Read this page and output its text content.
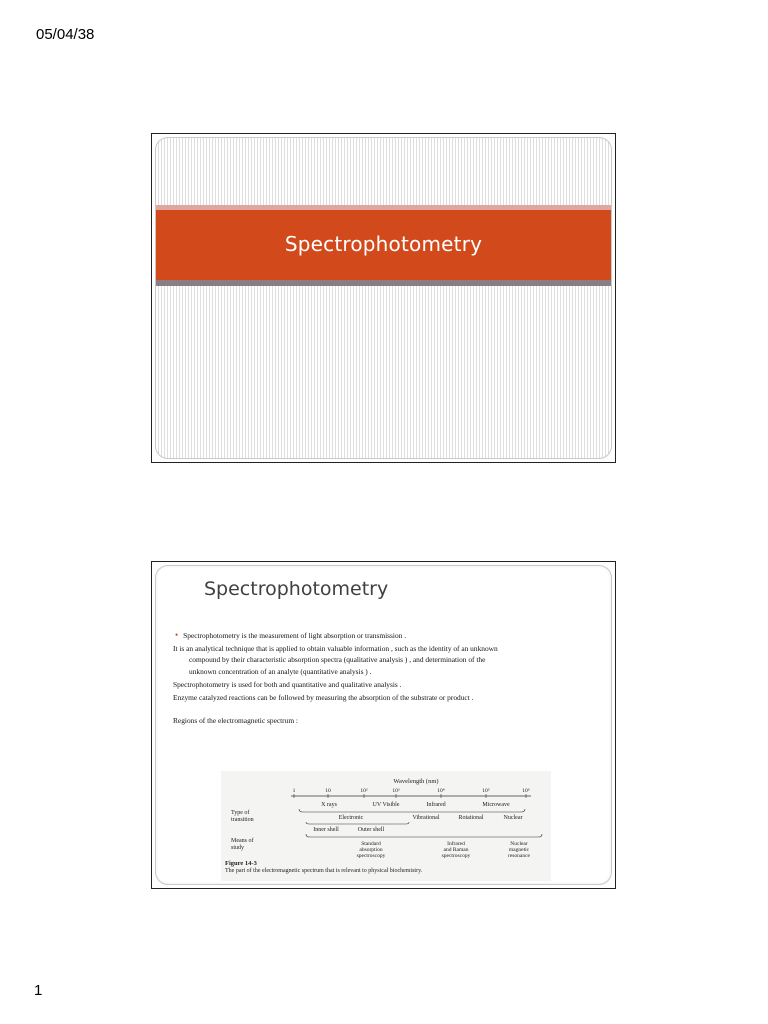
05/04/38
Spectrophotometry
Spectrophotometry

• Spectrophotometry is the measurement of light absorption or transmission .

It is an analytical technique that is applied to obtain valuable information , such as the identity of an unknown
compound by their characteristic absorption spectra (qualitative analysis ) , and determination of the
unknown concentration of an analyte (quantitative analysis ) .

Spectrophotometry is used for both and quantitative and qualitative analysis .

Enzyme catalyzed reactions can be followed by measuring the absorption of the substrate or product .

Regions of the electromagnetic spectrum :

Wavelength (nm)
1	10	10²	10³	10⁴	10⁵	10⁶
X rays	UV Visible	Infrared	Microwave
Type of
transition	Electronic	Vibrational	Rotational	Nuclear
Inner shell	Outer shell
Means of
study
Standard
absorption
spectroscopy
Infrared
and Raman
spectroscopy
Nuclear
magnetic
resonance
Figure 14-3
The part of the electromagnetic spectrum that is relevant to physical biochemistry.
1
